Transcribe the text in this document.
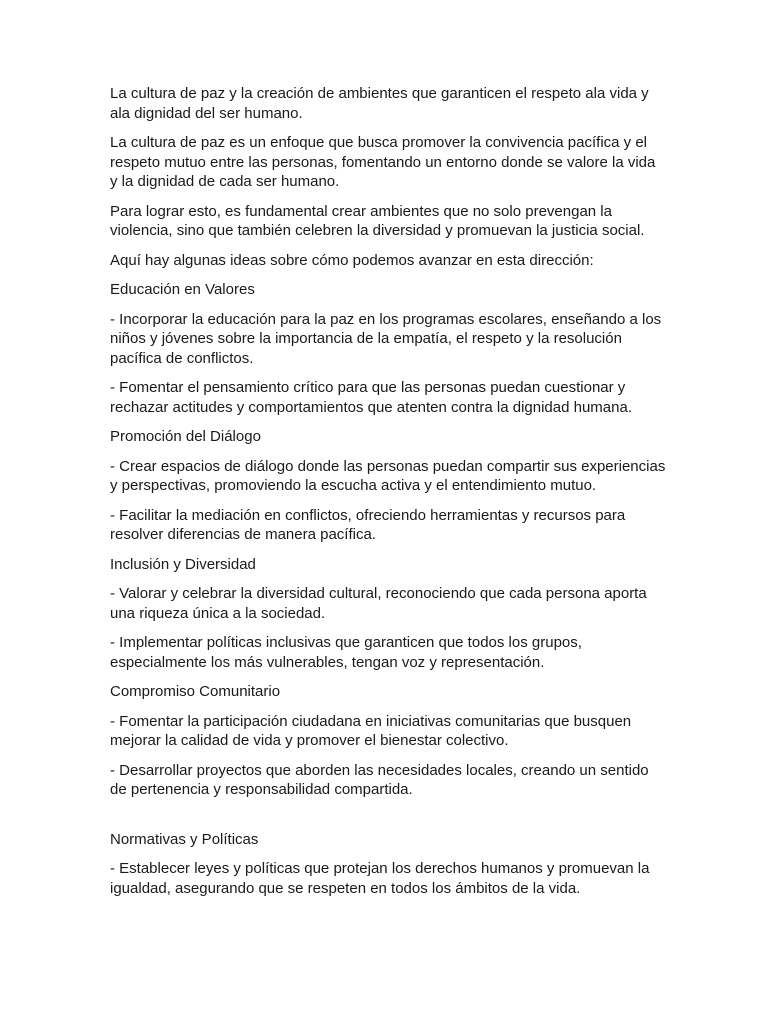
La cultura de paz y la creación de ambientes que garanticen el respeto ala vida y ala dignidad del ser humano.

La cultura de paz es un enfoque que busca promover la convivencia pacífica y el respeto mutuo entre las personas, fomentando un entorno donde se valore la vida y la dignidad de cada ser humano.

Para lograr esto, es fundamental crear ambientes que no solo prevengan la violencia, sino que también celebren la diversidad y promuevan la justicia social.

Aquí hay algunas ideas sobre cómo podemos avanzar en esta dirección:

Educación en Valores

- Incorporar la educación para la paz en los programas escolares, enseñando a los niños y jóvenes sobre la importancia de la empatía, el respeto y la resolución pacífica de conflictos.

- Fomentar el pensamiento crítico para que las personas puedan cuestionar y rechazar actitudes y comportamientos que atenten contra la dignidad humana.

Promoción del Diálogo

- Crear espacios de diálogo donde las personas puedan compartir sus experiencias y perspectivas, promoviendo la escucha activa y el entendimiento mutuo.

- Facilitar la mediación en conflictos, ofreciendo herramientas y recursos para resolver diferencias de manera pacífica.

Inclusión y Diversidad

- Valorar y celebrar la diversidad cultural, reconociendo que cada persona aporta una riqueza única a la sociedad.

- Implementar políticas inclusivas que garanticen que todos los grupos, especialmente los más vulnerables, tengan voz y representación.

Compromiso Comunitario

- Fomentar la participación ciudadana en iniciativas comunitarias que busquen mejorar la calidad de vida y promover el bienestar colectivo.

- Desarrollar proyectos que aborden las necesidades locales, creando un sentido de pertenencia y responsabilidad compartida.

Normativas y Políticas

- Establecer leyes y políticas que protejan los derechos humanos y promuevan la igualdad, asegurando que se respeten en todos los ámbitos de la vida.
